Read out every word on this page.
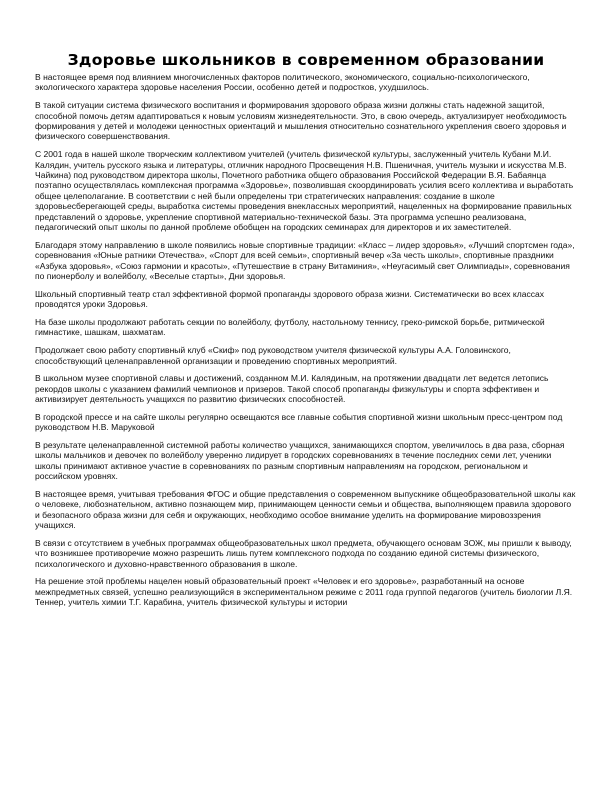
Здоровье школьников в современном образовании

В настоящее время под влиянием многочисленных факторов политического, экономического, социально-психологического, экологического характера здоровье населения России, особенно детей и подростков, ухудшилось.

В такой ситуации система физического воспитания и формирования здорового образа жизни должны стать надежной защитой, способной помочь детям адаптироваться к новым условиям жизнедеятельности. Это, в свою очередь, актуализирует необходимость формирования у детей и молодежи ценностных ориентаций и мышления относительно сознательного укрепления своего здоровья и физического совершенствования.

С 2001 года в нашей школе творческим коллективом учителей (учитель физической культуры, заслуженный учитель Кубани М.И. Калядин, учитель русского языка и литературы, отличник народного Просвещения Н.В. Пшеничная, учитель музыки и искусства М.В. Чайкина) под руководством директора школы, Почетного работника общего образования Российской Федерации В.Я. Бабаянца поэтапно осуществлялась комплексная программа «Здоровье», позволившая скоординировать усилия всего коллектива и выработать общее целеполагание. В соответствии с ней были определены три стратегических направления: создание в школе здоровьесберегающей среды, выработка системы проведения внеклассных мероприятий, нацеленных на формирование правильных представлений о здоровье, укрепление спортивной материально-технической базы. Эта программа успешно реализована, педагогический опыт школы по данной проблеме обобщен на городских семинарах для директоров и их заместителей.

Благодаря этому направлению в школе появились новые спортивные традиции: «Класс – лидер здоровья», «Лучший спортсмен года», соревнования «Юные ратники Отечества», «Спорт для всей семьи», спортивный вечер «За честь школы», спортивные праздники «Азбука здоровья», «Союз гармонии и красоты», «Путешествие в страну Витаминия», «Неугасимый свет Олимпиады», соревнования по пионерболу и волейболу, «Веселые старты», Дни здоровья.

Школьный спортивный театр стал эффективной формой пропаганды здорового образа жизни. Систематически во всех классах проводятся уроки Здоровья.

На базе школы продолжают работать секции по волейболу, футболу, настольному теннису, греко-римской борьбе, ритмической гимнастике, шашкам, шахматам.

Продолжает свою работу спортивный клуб «Скиф» под руководством учителя физической культуры А.А. Головинского, способствующий целенаправленной организации и проведению спортивных мероприятий.

В школьном музее спортивной славы и достижений, созданном М.И. Калядиным, на протяжении двадцати лет ведется летопись рекордов школы с указанием фамилий чемпионов и призеров. Такой способ пропаганды физкультуры и спорта эффективен и активизирует деятельность учащихся по развитию физических способностей.

В городской прессе и на сайте школы регулярно освещаются все главные события спортивной жизни школьным пресс-центром под руководством Н.В. Маруковой

В результате целенаправленной системной работы количество учащихся, занимающихся спортом, увеличилось в два раза, сборная школы мальчиков и девочек по волейболу уверенно лидирует в городских соревнованиях в течение последних семи лет, ученики школы принимают активное участие в соревнованиях по разным спортивным направлениям на городском, региональном и российском уровнях.

В настоящее время, учитывая требования ФГОС и общие представления о современном выпускнике общеобразовательной школы как о человеке, любознательном, активно познающем мир, принимающем ценности семьи и общества, выполняющем правила здорового и безопасного образа жизни для себя и окружающих, необходимо особое внимание уделить на формирование мировоззрения учащихся.

В связи с отсутствием в учебных программах общеобразовательных школ предмета, обучающего основам ЗОЖ, мы пришли к выводу, что возникшее противоречие можно разрешить лишь путем комплексного подхода по созданию единой системы физического, психологического и духовно-нравственного образования в школе.

На решение этой проблемы нацелен новый образовательный проект «Человек и его здоровье», разработанный на основе межпредметных связей, успешно реализующийся в экспериментальном режиме с 2011 года группой педагогов (учитель биологии Л.Я. Теннер, учитель химии Т.Г. Карабина, учитель физической культуры и истории
